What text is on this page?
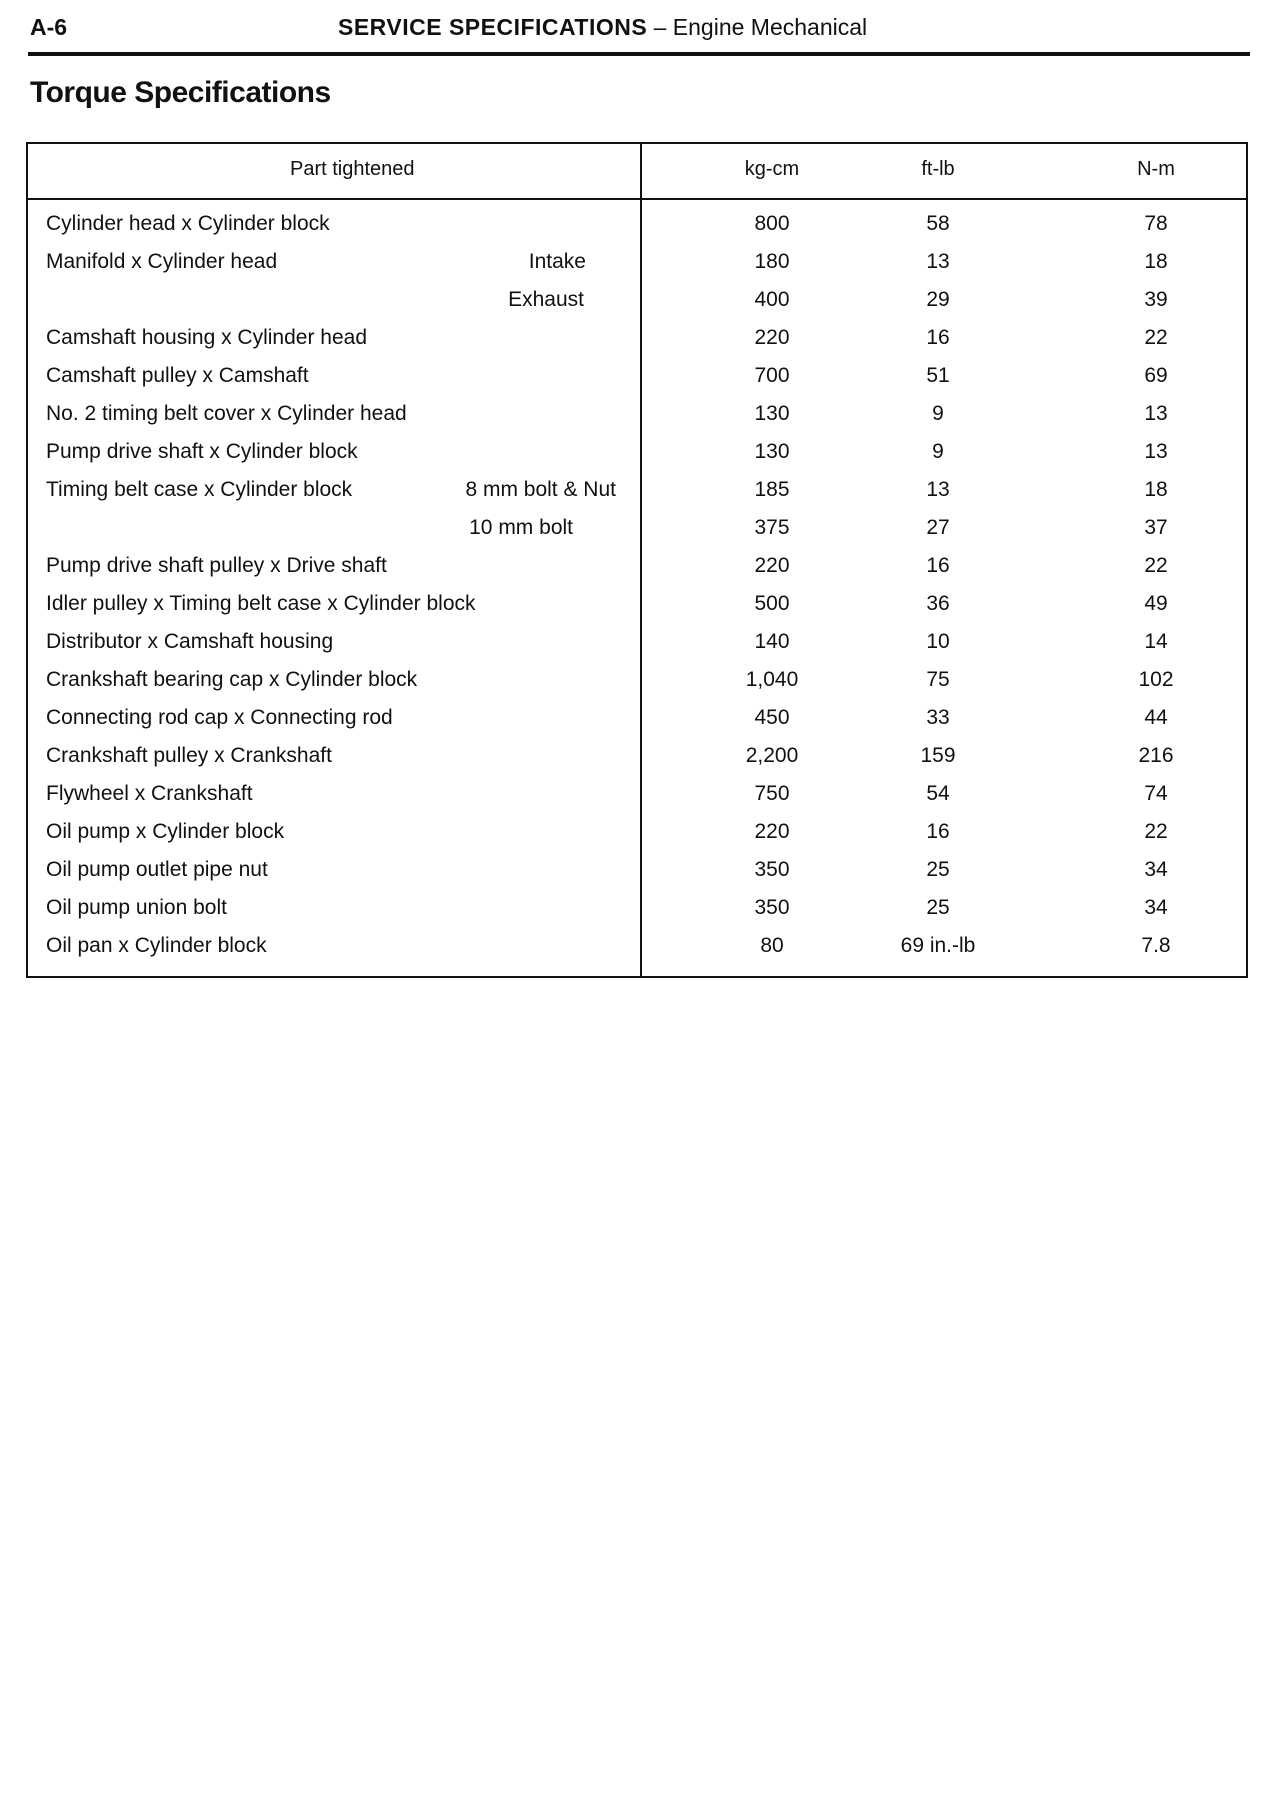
A-6	SERVICE SPECIFICATIONS – Engine Mechanical
Torque Specifications
Part tightened	kg-cm	ft-lb	N-m
Cylinder head x Cylinder block	800	58	78
Manifold x Cylinder head	Intake	180	13	18
Exhaust	400	29	39
Camshaft housing x Cylinder head	220	16	22
Camshaft pulley x Camshaft	700	51	69
No. 2 timing belt cover x Cylinder head	130	9	13
Pump drive shaft x Cylinder block	130	9	13
Timing belt case x Cylinder block	8 mm bolt & Nut	185	13	18
10 mm bolt	375	27	37
Pump drive shaft pulley x Drive shaft	220	16	22
Idler pulley x Timing belt case x Cylinder block	500	36	49
Distributor x Camshaft housing	140	10	14
Crankshaft bearing cap x Cylinder block	1,040	75	102
Connecting rod cap x Connecting rod	450	33	44
Crankshaft pulley x Crankshaft	2,200	159	216
Flywheel x Crankshaft	750	54	74
Oil pump x Cylinder block	220	16	22
Oil pump outlet pipe nut	350	25	34
Oil pump union bolt	350	25	34
Oil pan x Cylinder block	80	69 in.-lb	7.8
